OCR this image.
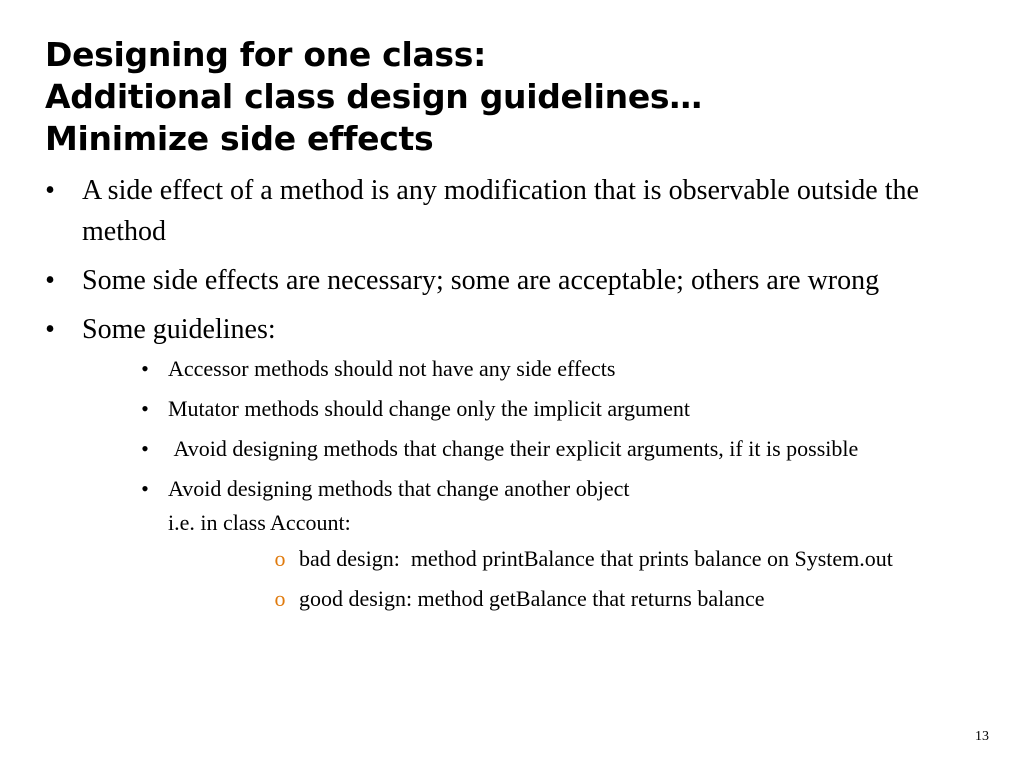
Designing for one class:
Additional class design guidelines…
Minimize side effects
• A side effect of a method is any modification that is observable outside the method
• Some side effects are necessary; some are acceptable; others are wrong
• Some guidelines:
• Accessor methods should not have any side effects
• Mutator methods should change only the implicit argument
• Avoid designing methods that change their explicit arguments, if it is possible
• Avoid designing methods that change another object
i.e. in class Account:
o bad design:  method printBalance that prints balance on System.out
o good design: method getBalance that returns balance
13
